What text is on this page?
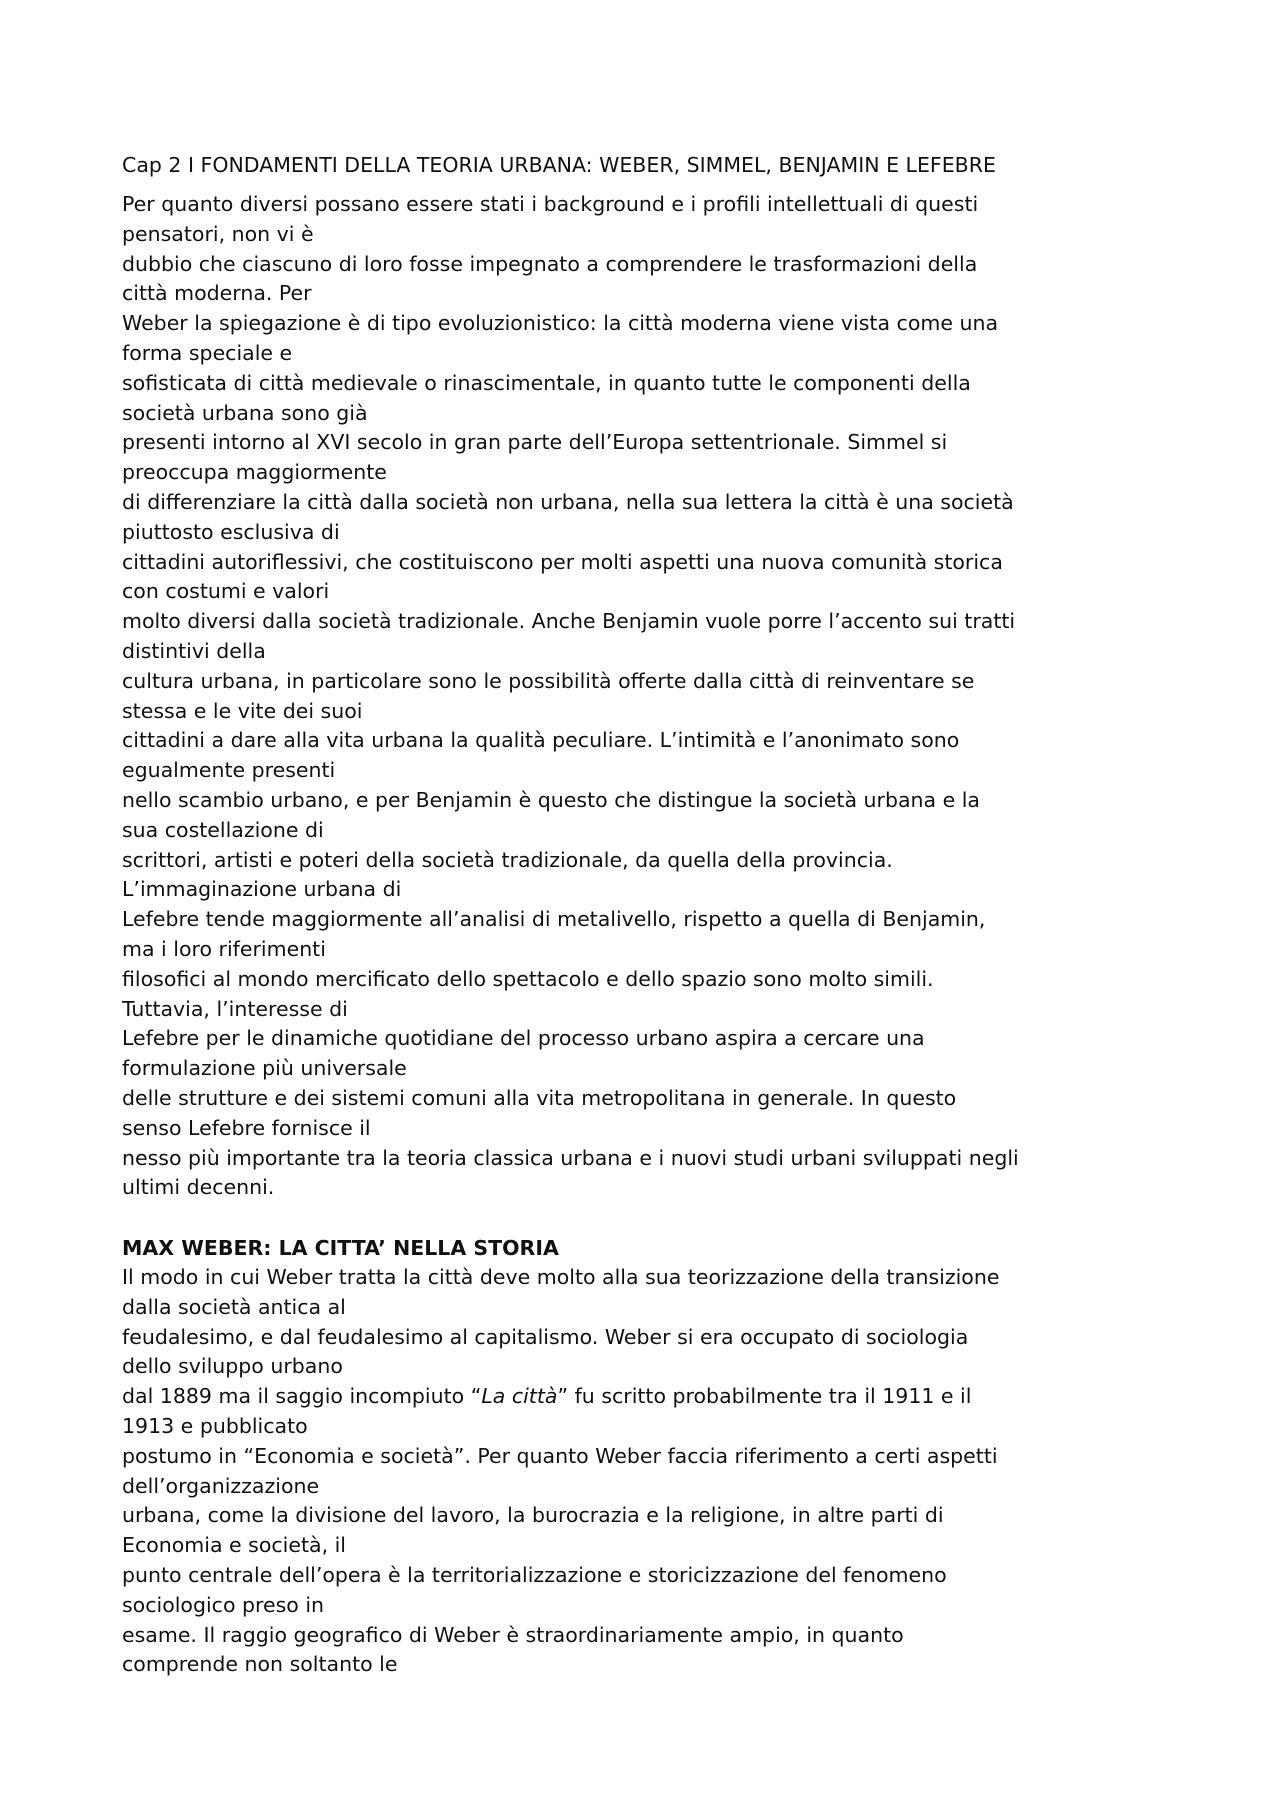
Cap 2 I FONDAMENTI DELLA TEORIA URBANA: WEBER, SIMMEL, BENJAMIN E LEFEBRE
Per quanto diversi possano essere stati i background e i profili intellettuali di questi
pensatori, non vi è
dubbio che ciascuno di loro fosse impegnato a comprendere le trasformazioni della
città moderna. Per
Weber la spiegazione è di tipo evoluzionistico: la città moderna viene vista come una
forma speciale e
sofisticata di città medievale o rinascimentale, in quanto tutte le componenti della
società urbana sono già
presenti intorno al XVI secolo in gran parte dell’Europa settentrionale. Simmel si
preoccupa maggiormente
di differenziare la città dalla società non urbana, nella sua lettera la città è una società
piuttosto esclusiva di
cittadini autoriflessivi, che costituiscono per molti aspetti una nuova comunità storica
con costumi e valori
molto diversi dalla società tradizionale. Anche Benjamin vuole porre l’accento sui tratti
distintivi della
cultura urbana, in particolare sono le possibilità offerte dalla città di reinventare se
stessa e le vite dei suoi
cittadini a dare alla vita urbana la qualità peculiare. L’intimità e l’anonimato sono
egualmente presenti
nello scambio urbano, e per Benjamin è questo che distingue la società urbana e la
sua costellazione di
scrittori, artisti e poteri della società tradizionale, da quella della provincia.
L’immaginazione urbana di
Lefebre tende maggiormente all’analisi di metalivello, rispetto a quella di Benjamin,
ma i loro riferimenti
filosofici al mondo mercificato dello spettacolo e dello spazio sono molto simili.
Tuttavia, l’interesse di
Lefebre per le dinamiche quotidiane del processo urbano aspira a cercare una
formulazione più universale
delle strutture e dei sistemi comuni alla vita metropolitana in generale. In questo
senso Lefebre fornisce il
nesso più importante tra la teoria classica urbana e i nuovi studi urbani sviluppati negli
ultimi decenni.
MAX WEBER: LA CITTA’ NELLA STORIA
Il modo in cui Weber tratta la città deve molto alla sua teorizzazione della transizione
dalla società antica al
feudalesimo, e dal feudalesimo al capitalismo. Weber si era occupato di sociologia
dello sviluppo urbano
dal 1889 ma il saggio incompiuto “La città” fu scritto probabilmente tra il 1911 e il
1913 e pubblicato
postumo in “Economia e società”. Per quanto Weber faccia riferimento a certi aspetti
dell’organizzazione
urbana, come la divisione del lavoro, la burocrazia e la religione, in altre parti di
Economia e società, il
punto centrale dell’opera è la territorializzazione e storicizzazione del fenomeno
sociologico preso in
esame. Il raggio geografico di Weber è straordinariamente ampio, in quanto
comprende non soltanto le
